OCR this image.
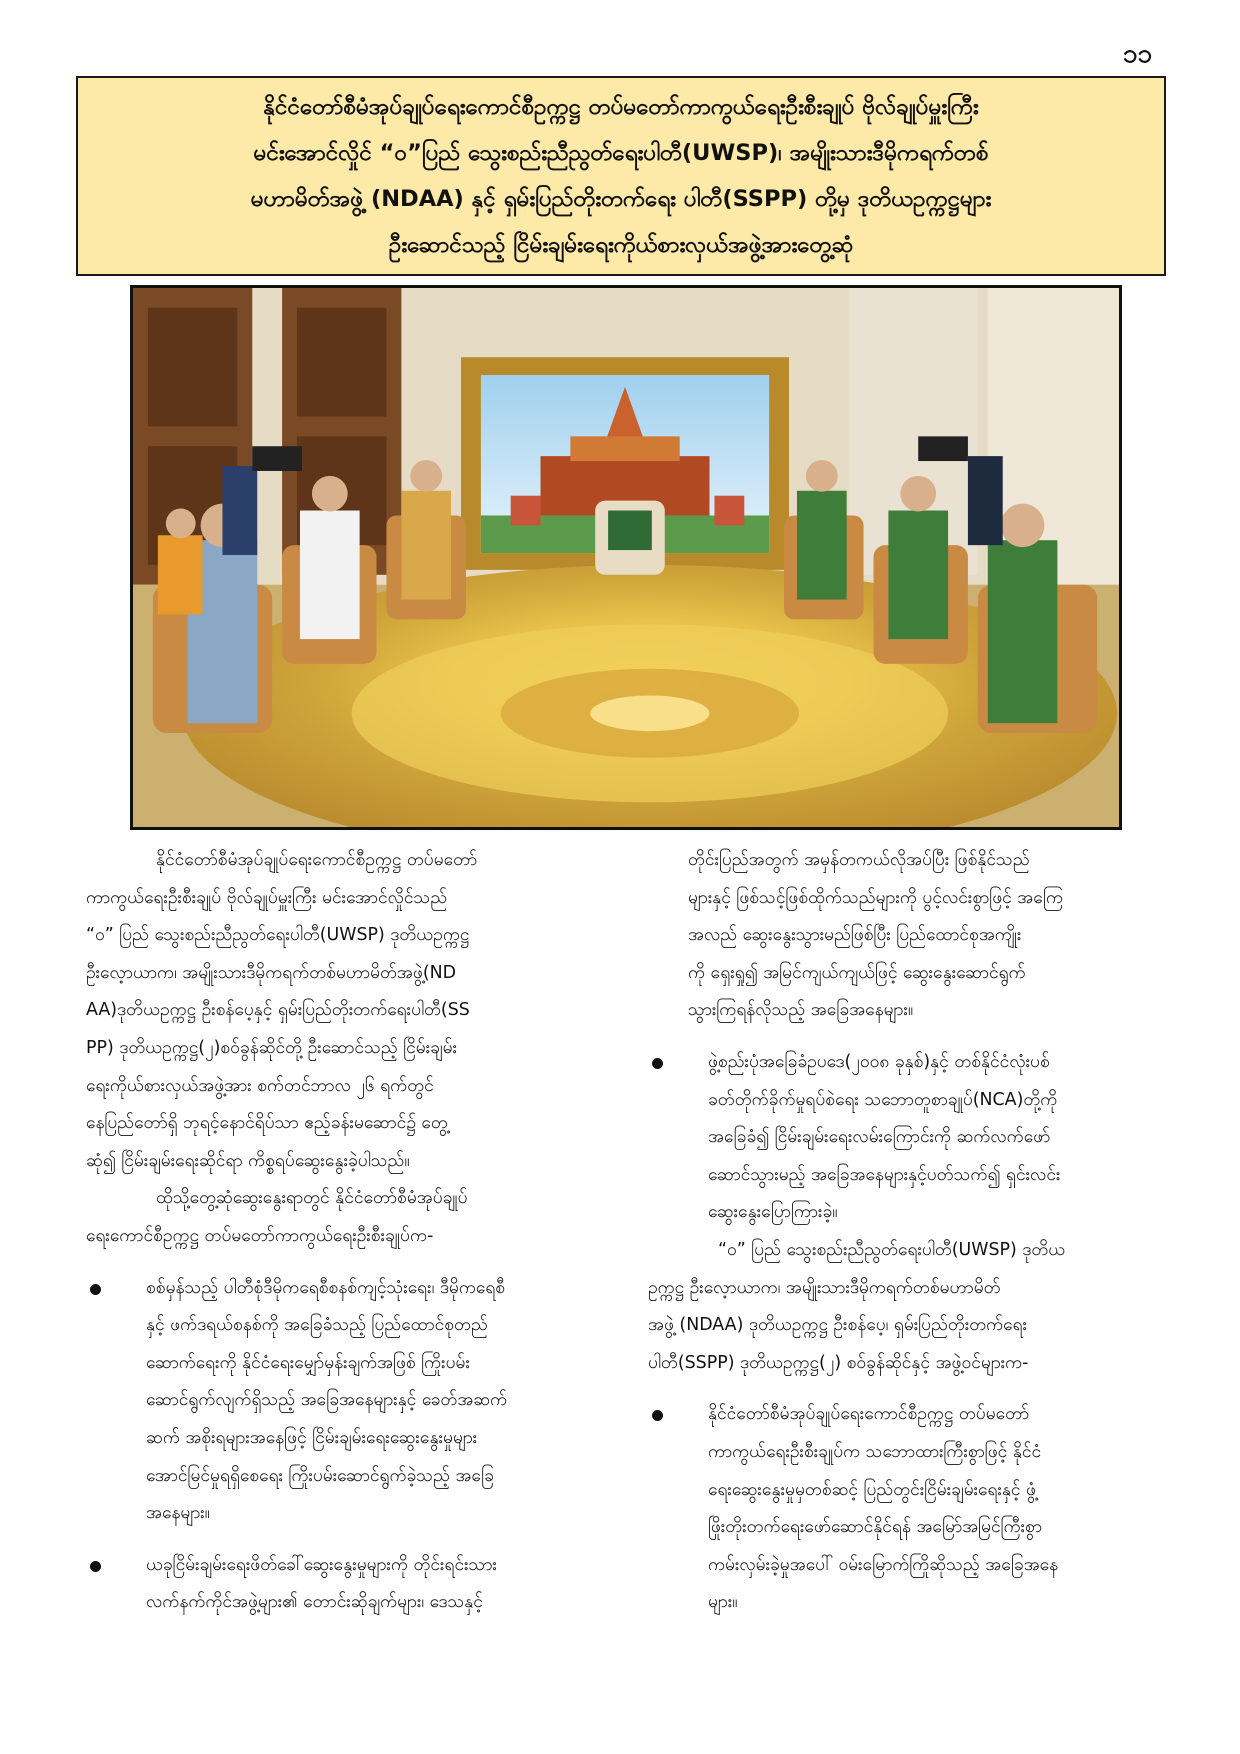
၁၁
နိုင်ငံတော်စီမံအုပ်ချုပ်ရေးကောင်စီဥက္ကဋ္ဌ တပ်မတော်ကာကွယ်ရေးဦးစီးချုပ် ဗိုလ်ချုပ်မှူးကြီး
မင်းအောင်လှိုင် “ဝ”ပြည် သွေးစည်းညီညွတ်ရေးပါတီ(UWSP)၊ အမျိုးသားဒီမိုကရက်တစ်
မဟာမိတ်အဖွဲ့ (NDAA) နှင့် ရှမ်းပြည်တိုးတက်ရေး ပါတီ(SSPP) တို့မှ ဒုတိယဥက္ကဋ္ဌများ
ဦးဆောင်သည့် ငြိမ်းချမ်းရေးကိုယ်စားလှယ်အဖွဲ့အားတွေ့ဆုံ
နိုင်ငံတော်စီမံအုပ်ချုပ်ရေးကောင်စီဥက္ကဋ္ဌ တပ်မတော်
ကာကွယ်ရေးဦးစီးချုပ် ဗိုလ်ချုပ်မှူးကြီး မင်းအောင်လှိုင်သည်
“ဝ” ပြည် သွေးစည်းညီညွတ်ရေးပါတီ(UWSP) ဒုတိယဥက္ကဋ္ဌ
ဦးလေ့ာယာက၊ အမျိုးသားဒီမိုကရက်တစ်မဟာမိတ်အဖွဲ့(ND
AA)ဒုတိယဥက္ကဋ္ဌ ဦးစန်ပေ့နှင့် ရှမ်းပြည်တိုးတက်ရေးပါတီ(SS
PP) ဒုတိယဥက္ကဋ္ဌ(၂)စဝ်ခွန်ဆိုင်တို့ ဦးဆောင်သည့် ငြိမ်းချမ်း
ရေးကိုယ်စားလှယ်အဖွဲ့အား စက်တင်ဘာလ ၂၆ ရက်တွင်
နေပြည်တော်ရှိ ဘုရင့်နောင်ရိပ်သာ ဧည့်ခန်းမဆောင်၌ တွေ့
ဆုံ၍ ငြိမ်းချမ်းရေးဆိုင်ရာ ကိစ္စရပ်ဆွေးနွေးခဲ့ပါသည်။
ထိုသို့တွေ့ဆုံဆွေးနွေးရာတွင် နိုင်ငံတော်စီမံအုပ်ချုပ်
ရေးကောင်စီဥက္ကဋ္ဌ တပ်မတော်ကာကွယ်ရေးဦးစီးချုပ်က-
စစ်မှန်သည့် ပါတီစုံဒီမိုကရေစီစနစ်ကျင့်သုံးရေး၊ ဒီမိုကရေစီ
နှင့် ဖက်ဒရယ်စနစ်ကို အခြေခံသည့် ပြည်ထောင်စုတည်
ဆောက်ရေးကို နိုင်ငံရေးမျှော်မှန်းချက်အဖြစ် ကြိုးပမ်း
ဆောင်ရွက်လျက်ရှိသည့် အခြေအနေများနှင့် ခေတ်အဆက်
ဆက် အစိုးရများအနေဖြင့် ငြိမ်းချမ်းရေးဆွေးနွေးမှုများ
အောင်မြင်မှုရရှိစေရေး ကြိုးပမ်းဆောင်ရွက်ခဲ့သည့် အခြေ
အနေများ။
ယခုငြိမ်းချမ်းရေးဖိတ်ခေါ်ဆွေးနွေးမှုများကို တိုင်းရင်းသား
လက်နက်ကိုင်အဖွဲ့များ၏ တောင်းဆိုချက်များ၊ ဒေသနှင့်
တိုင်းပြည်အတွက် အမှန်တကယ်လိုအပ်ပြီး ဖြစ်နိုင်သည်
များနှင့် ဖြစ်သင့်ဖြစ်ထိုက်သည်များကို ပွင့်လင်းစွာဖြင့် အကြေ
အလည် ဆွေးနွေးသွားမည်ဖြစ်ပြီး ပြည်ထောင်စုအကျိုး
ကို ရှေးရှု၍ အမြင်ကျယ်ကျယ်ဖြင့် ဆွေးနွေးဆောင်ရွက်
သွားကြရန်လိုသည့် အခြေအနေများ။
ဖွဲ့စည်းပုံအခြေခံဥပဒေ(၂၀၀၈ ခုနှစ်)နှင့် တစ်နိုင်ငံလုံးပစ်
ခတ်တိုက်ခိုက်မှုရပ်စဲရေး သဘောတူစာချုပ်(NCA)တို့ကို
အခြေခံ၍ ငြိမ်းချမ်းရေးလမ်းကြောင်းကို ဆက်လက်ဖော်
ဆောင်သွားမည့် အခြေအနေများနှင့်ပတ်သက်၍ ရှင်းလင်း
ဆွေးနွေးပြောကြားခဲ့။
“ဝ” ပြည် သွေးစည်းညီညွတ်ရေးပါတီ(UWSP) ဒုတိယ
ဥက္ကဋ္ဌ ဦးလေ့ာယာက၊ အမျိုးသားဒီမိုကရက်တစ်မဟာမိတ်
အဖွဲ့ (NDAA) ဒုတိယဥက္ကဋ္ဌ ဦးစန်ပေ့၊ ရှမ်းပြည်တိုးတက်ရေး
ပါတီ(SSPP) ဒုတိယဥက္ကဋ္ဌ(၂) စဝ်ခွန်ဆိုင်နှင့် အဖွဲ့ဝင်များက-
နိုင်ငံတော်စီမံအုပ်ချုပ်ရေးကောင်စီဥက္ကဋ္ဌ တပ်မတော်
ကာကွယ်ရေးဦးစီးချုပ်က သဘောထားကြီးစွာဖြင့် နိုင်ငံ
ရေးဆွေးနွေးမှုမှတစ်ဆင့် ပြည်တွင်းငြိမ်းချမ်းရေးနှင့် ဖွံ့
ဖြိုးတိုးတက်ရေးဖော်ဆောင်နိုင်ရန် အမြော်အမြင်ကြီးစွာ
ကမ်းလှမ်းခဲ့မှုအပေါ် ဝမ်းမြောက်ကြိုဆိုသည့် အခြေအနေ
များ။
